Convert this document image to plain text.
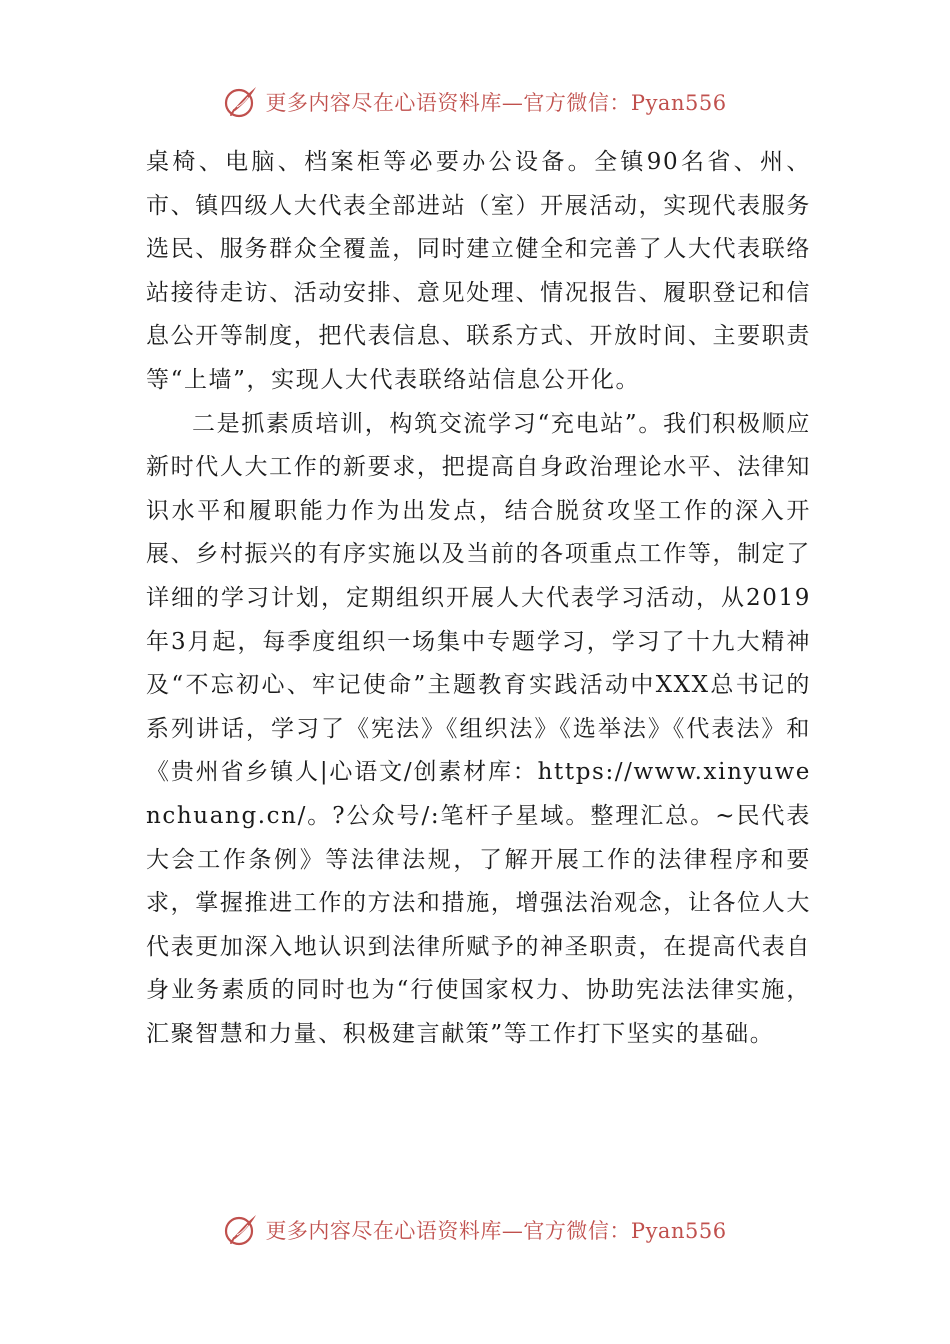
更多内容尽在心语资料库—官方微信：Pyan556

桌椅、电脑、档案柜等必要办公设备。全镇90名省、州、市、镇四级人大代表全部进站（室）开展活动，实现代表服务选民、服务群众全覆盖，同时建立健全和完善了人大代表联络站接待走访、活动安排、意见处理、情况报告、履职登记和信息公开等制度，把代表信息、联系方式、开放时间、主要职责等“上墙”，实现人大代表联络站信息公开化。

二是抓素质培训，构筑交流学习“充电站”。我们积极顺应新时代人大工作的新要求，把提高自身政治理论水平、法律知识水平和履职能力作为出发点，结合脱贫攻坚工作的深入开展、乡村振兴的有序实施以及当前的各项重点工作等，制定了详细的学习计划，定期组织开展人大代表学习活动，从2019年3月起，每季度组织一场集中专题学习，学习了十九大精神及“不忘初心、牢记使命”主题教育实践活动中XXX总书记的系列讲话，学习了《宪法》《组织法》《选举法》《代表法》和《贵州省乡镇人|心语文/创素材库：https://www.xinyuwenchuang.cn/。?公众号/:笔杆子星域。整理汇总。~民代表大会工作条例》等法律法规，了解开展工作的法律程序和要求，掌握推进工作的方法和措施，增强法治观念，让各位人大代表更加深入地认识到法律所赋予的神圣职责，在提高代表自身业务素质的同时也为“行使国家权力、协助宪法法律实施，汇聚智慧和力量、积极建言献策”等工作打下坚实的基础。

更多内容尽在心语资料库—官方微信：Pyan556
